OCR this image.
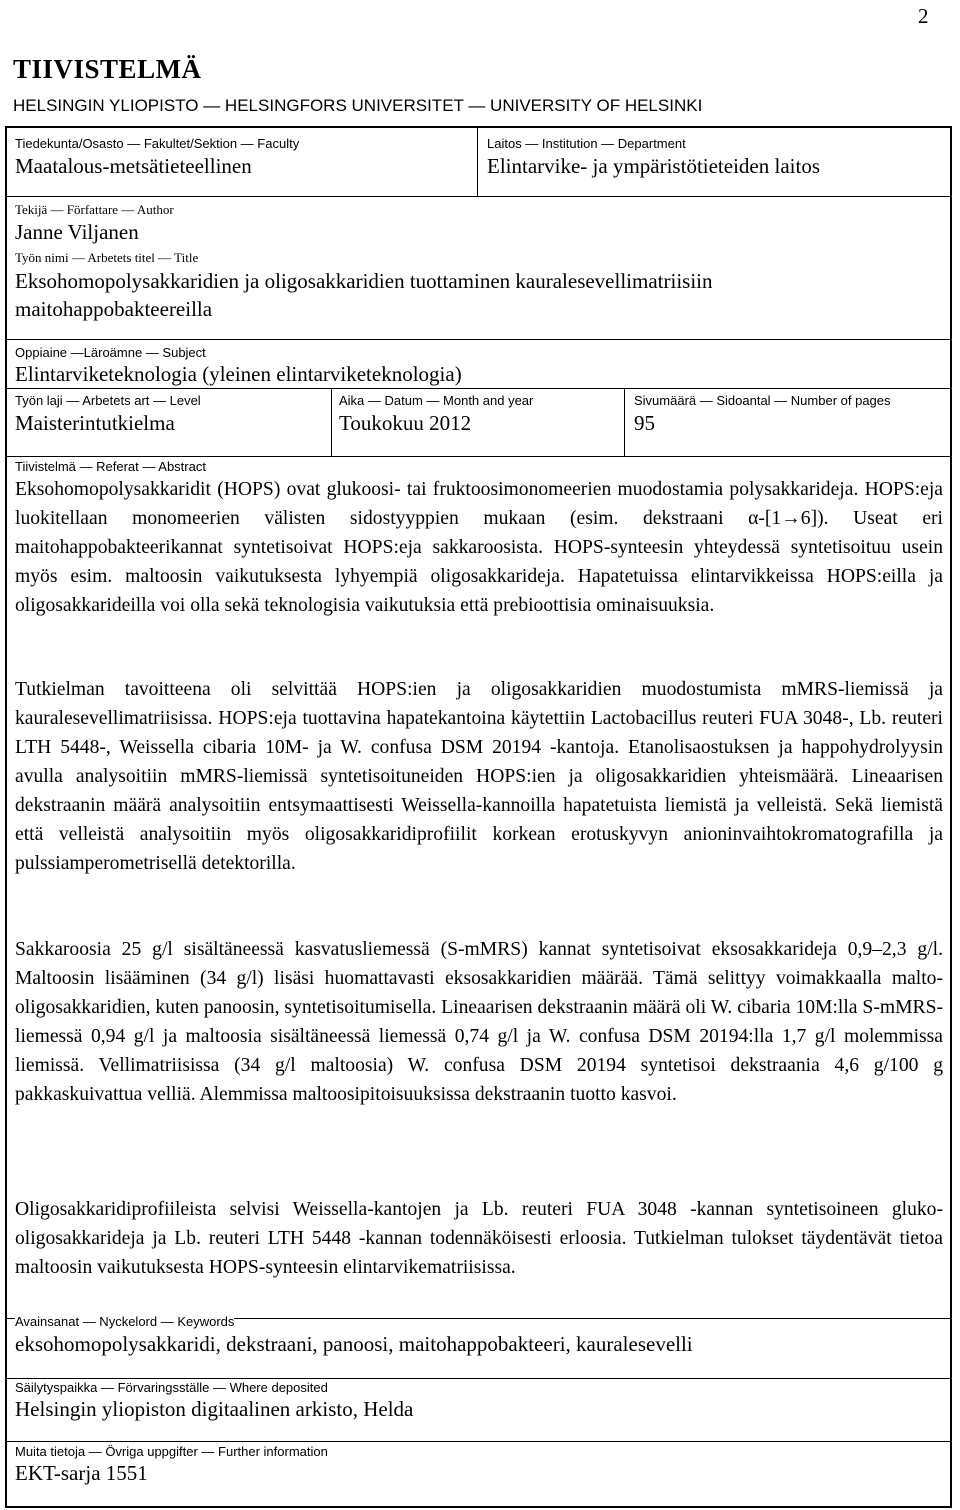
2
TIIVISTELMÄ
HELSINGIN YLIOPISTO — HELSINGFORS UNIVERSITET — UNIVERSITY OF HELSINKI
Tiedekunta/Osasto — Fakultet/Sektion — Faculty
Maatalous-metsätieteellinen
Laitos — Institution — Department
Elintarvike- ja ympäristötieteiden laitos
Tekijä — Författare — Author
Janne Viljanen
Työn nimi — Arbetets titel — Title
Eksohomopolysakkaridien ja oligosakkaridien tuottaminen kauralesevellimatriisiin
maitohappobakteereilla
Oppiaine —Läroämne — Subject
Elintarviketeknologia (yleinen elintarviketeknologia)
Työn laji — Arbetets art — Level
Maisterintutkielma
Aika — Datum — Month and year
Toukokuu 2012
Sivumäärä — Sidoantal — Number of pages
95
Tiivistelmä — Referat — Abstract

Eksohomopolysakkaridit (HOPS) ovat glukoosi- tai fruktoosimonomeerien muodostamia polysakkarideja. HOPS:eja luokitellaan monomeerien välisten sidostyyppien mukaan (esim. dekstraani α-[1→6]). Useat eri maitohappobakteerikannat syntetisoivat HOPS:eja sakkaroosista. HOPS-synteesin yhteydessä syntetisoituu usein myös esim. maltoosin vaikutuksesta lyhyempiä oligosakkarideja. Hapatetuissa elintarvikkeissa HOPS:eilla ja oligosakkarideilla voi olla sekä teknologisia vaikutuksia että prebioottisia ominaisuuksia.

Tutkielman tavoitteena oli selvittää HOPS:ien ja oligosakkaridien muodostumista mMRS-liemissä ja kauralesevellimatriisissa. HOPS:eja tuottavina hapatekantoina käytettiin Lactobacillus reuteri FUA 3048-, Lb. reuteri LTH 5448-, Weissella cibaria 10M- ja W. confusa DSM 20194 -kantoja. Etanolisaostuksen ja happohydrolyysin avulla analysoitiin mMRS-liemissä syntetisoituneiden HOPS:ien ja oligosakkaridien yhteismäärä. Lineaarisen dekstraanin määrä analysoitiin entsymaattisesti Weissella-kannoilla hapatetuista liemistä ja velleistä. Sekä liemistä että velleistä analysoitiin myös oligosakkaridiprofiilit korkean erotuskyvyn anioninvaihtokromatografilla ja pulssiamperometrisellä detektorilla.

Sakkaroosia 25 g/l sisältäneessä kasvatusliemessä (S-mMRS) kannat syntetisoivat eksosakkarideja 0,9–2,3 g/l. Maltoosin lisääminen (34 g/l) lisäsi huomattavasti eksosakkaridien määrää. Tämä selittyy voimakkaalla malto-oligosakkaridien, kuten panoosin, syntetisoitumisella. Lineaarisen dekstraanin määrä oli W. cibaria 10M:lla S-mMRS-liemessä 0,94 g/l ja maltoosia sisältäneessä liemessä 0,74 g/l ja W. confusa DSM 20194:lla 1,7 g/l molemmissa liemissä. Vellimatriisissa (34 g/l maltoosia) W. confusa DSM 20194 syntetisoi dekstraania 4,6 g/100 g pakkaskuivattua velliä. Alemmissa maltoosipitoisuuksissa dekstraanin tuotto kasvoi.

Oligosakkaridiprofiileista selvisi Weissella-kantojen ja Lb. reuteri FUA 3048 -kannan syntetisoineen gluko-oligosakkarideja ja Lb. reuteri LTH 5448 -kannan todennäköisesti erloosia. Tutkielman tulokset täydentävät tietoa maltoosin vaikutuksesta HOPS-synteesin elintarvikematriisissa.

Avainsanat — Nyckelord — Keywords
eksohomopolysakkaridi, dekstraani, panoosi, maitohappobakteeri, kauralesevelli
Säilytyspaikka — Förvaringsställe — Where deposited
Helsingin yliopiston digitaalinen arkisto, Helda
Muita tietoja — Övriga uppgifter — Further information
EKT-sarja 1551
